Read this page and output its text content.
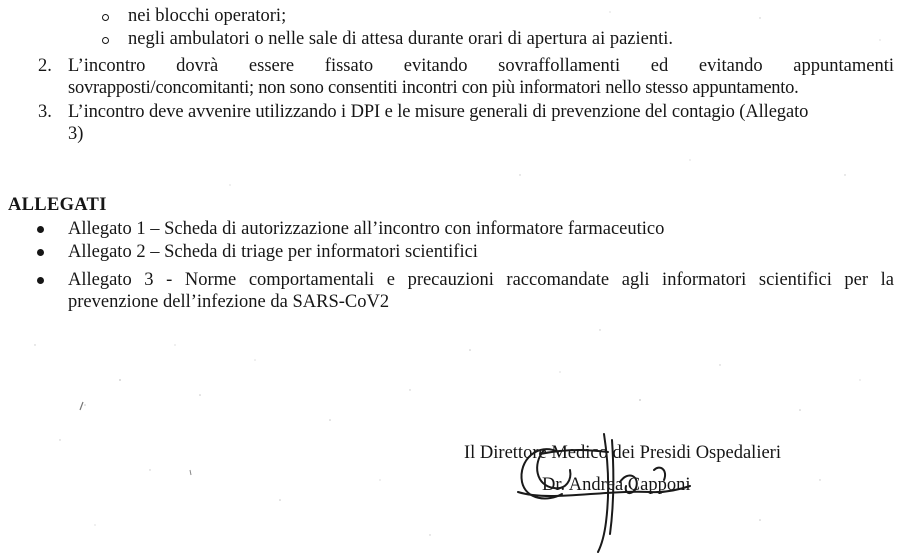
nei blocchi operatori;
negli ambulatori o nelle sale di attesa durante orari di apertura ai pazienti.
2. L’incontro dovrà essere fissato evitando sovraffollamenti ed evitando appuntamenti
sovrapposti/concomitanti; non sono consentiti incontri con più informatori nello stesso appuntamento.
3. L’incontro deve avvenire utilizzando i DPI e le misure generali di prevenzione del contagio (Allegato
3)
ALLEGATI
Allegato 1 – Scheda di autorizzazione all’incontro con informatore farmaceutico
Allegato 2 – Scheda di triage per informatori scientifici
Allegato 3 - Norme comportamentali e precauzioni raccomandate agli informatori scientifici per la
prevenzione dell’infezione da SARS-CoV2
Il Direttore Medico dei Presidi Ospedalieri
Dr. Andrea Capponi
